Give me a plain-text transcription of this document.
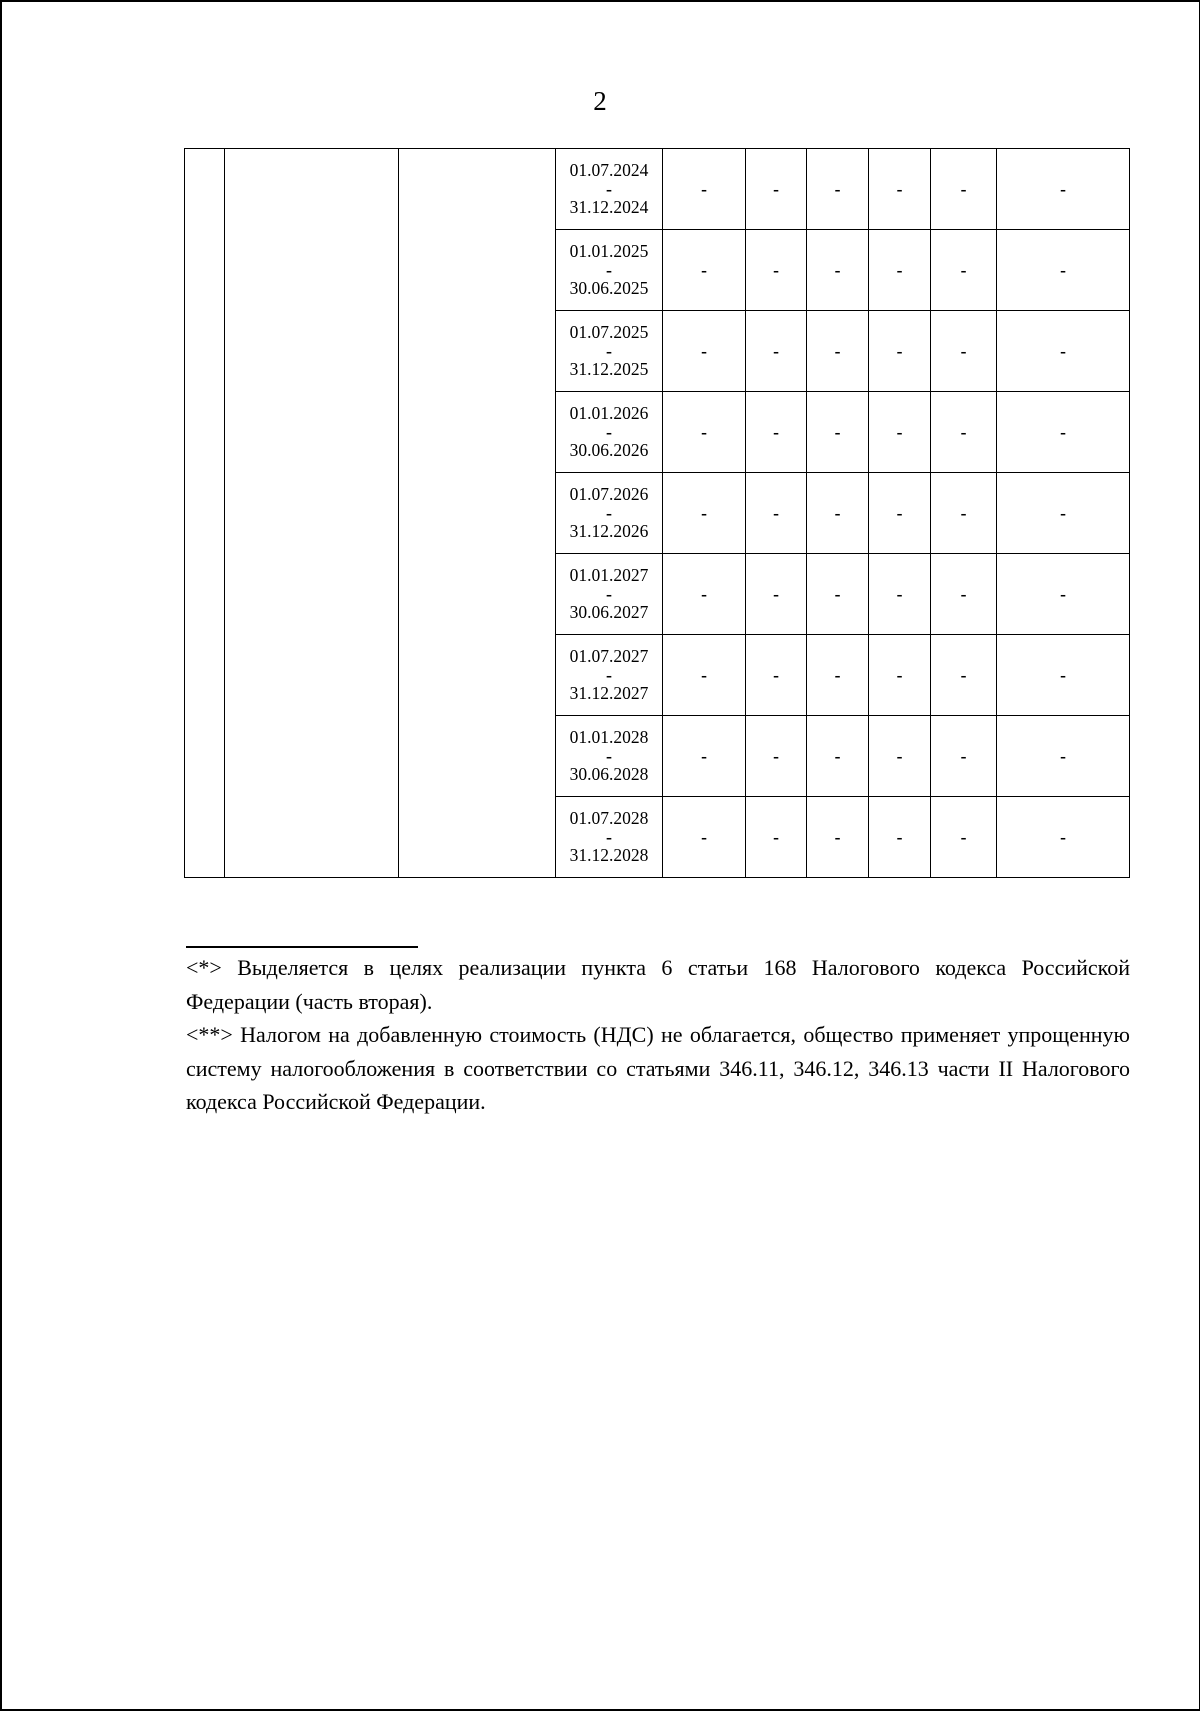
2

			01.07.2024
-
31.12.2024	-	-	-	-	-	-

			01.01.2025
-
30.06.2025	-	-	-	-	-	-

			01.07.2025
-
31.12.2025	-	-	-	-	-	-

			01.01.2026
-
30.06.2026	-	-	-	-	-	-

			01.07.2026
-
31.12.2026	-	-	-	-	-	-

			01.01.2027
-
30.06.2027	-	-	-	-	-	-

			01.07.2027
-
31.12.2027	-	-	-	-	-	-

			01.01.2028
-
30.06.2028	-	-	-	-	-	-

			01.07.2028
-
31.12.2028	-	-	-	-	-	-

<*> Выделяется в целях реализации пункта 6 статьи 168 Налогового кодекса Российской Федерации (часть вторая).

<**> Налогом на добавленную стоимость (НДС) не облагается, общество применяет упрощенную систему налогообложения в соответствии со статьями 346.11, 346.12, 346.13 части II Налогового кодекса Российской Федерации.
